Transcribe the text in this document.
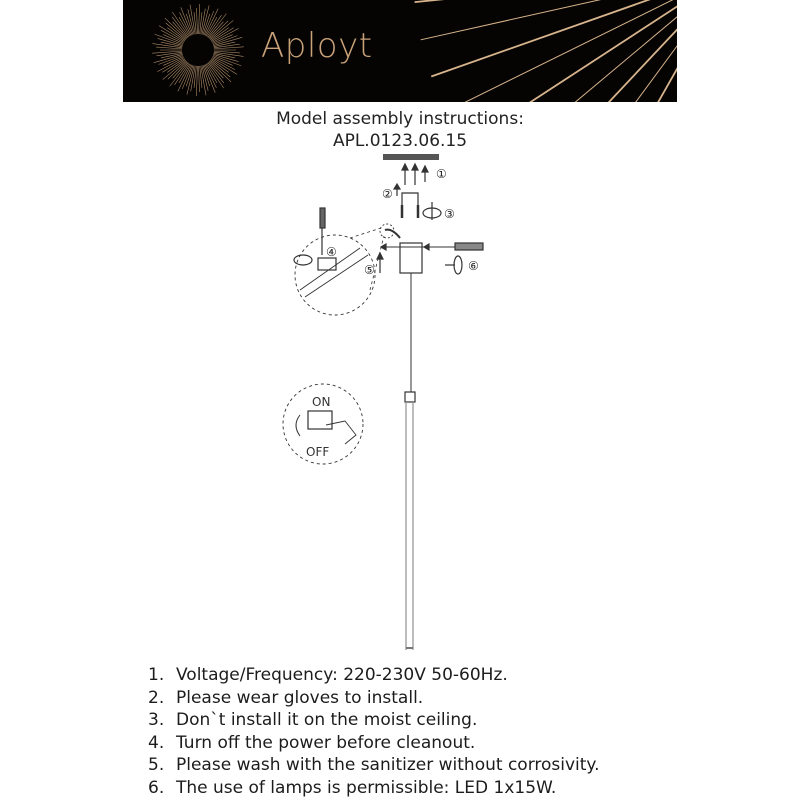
Aployt
Model assembly instructions:
APL.0123.06.15
①
②
③
⑤	⑥
④
ON
OFF
1. Voltage/Frequency: 220-230V 50-60Hz.
2. Please wear gloves to install.
3. Don`t install it on the moist ceiling.
4. Turn off the power before cleanout.
5. Please wash with the sanitizer without corrosivity.
6. The use of lamps is permissible: LED 1x15W.
